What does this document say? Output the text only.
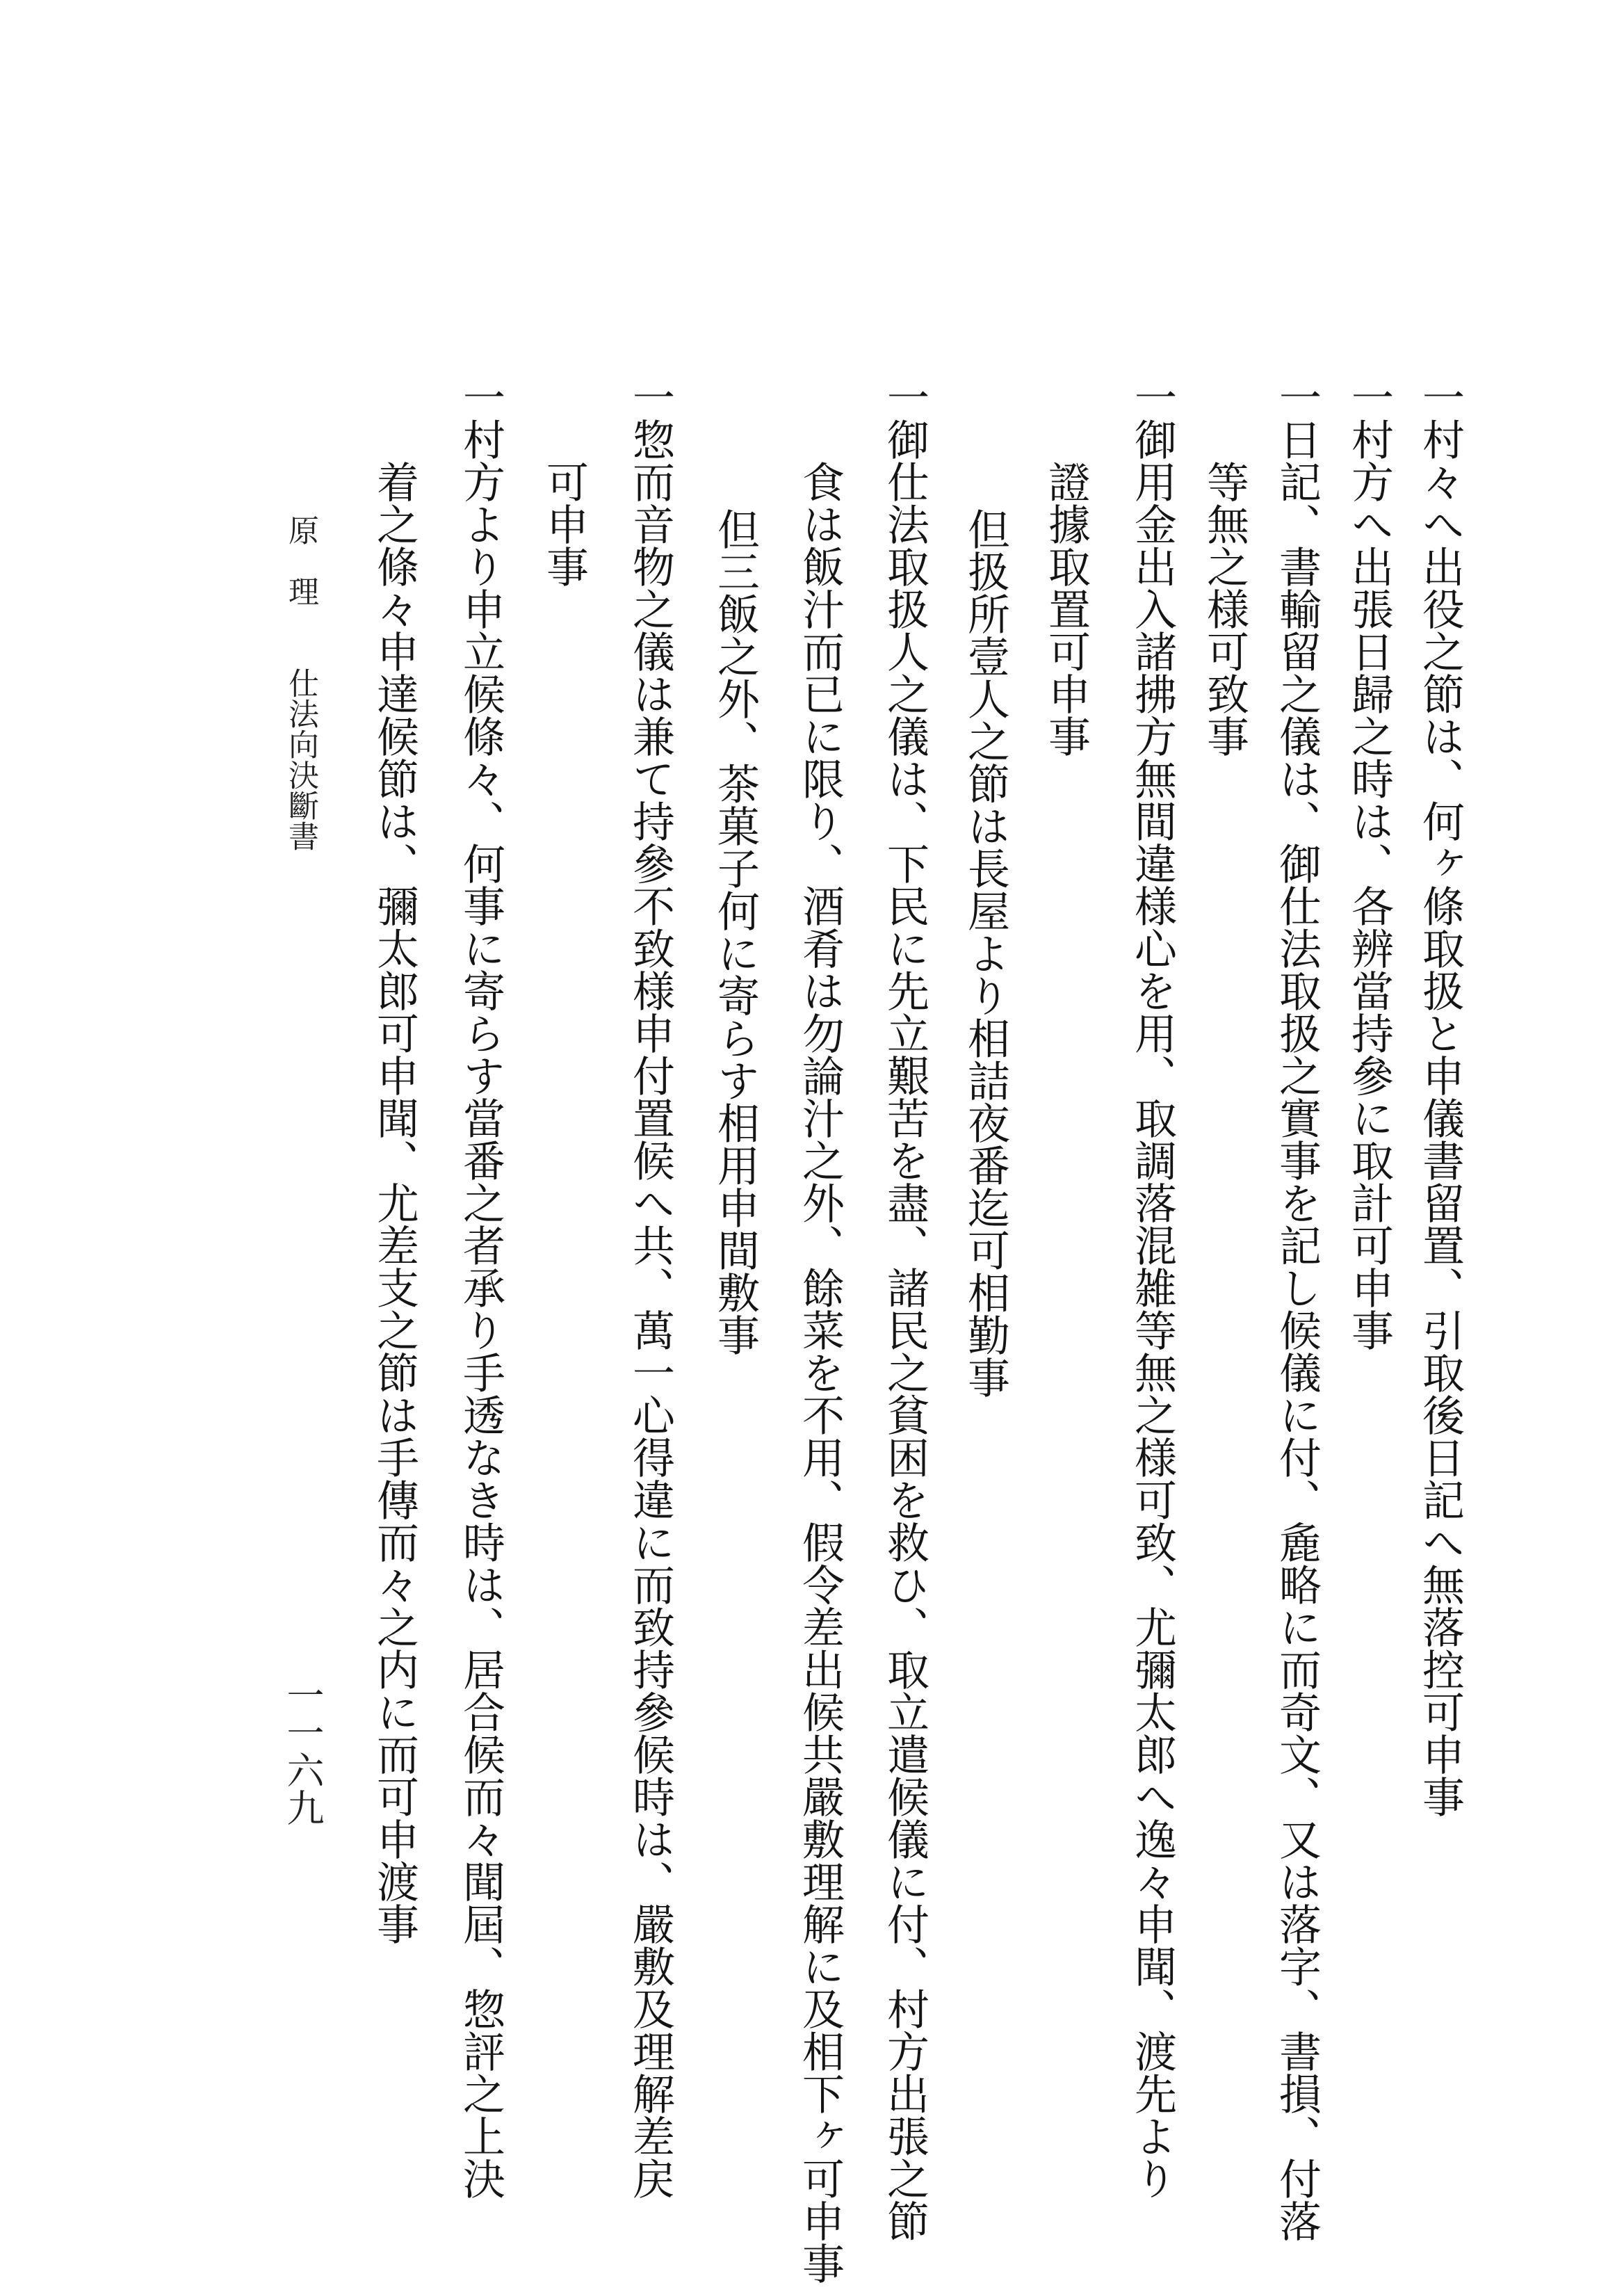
一村々へ出役之節は、何ヶ條取扱と申儀書留置、引取後日記へ無落控可申事
一村方へ出張日歸之時は、各辨當持參に取計可申事
一日記、書輸留之儀は、御仕法取扱之實事を記し候儀に付、麁略に而奇文、又は落字、書損、付落
等無之様可致事
一御用金出入諸拂方無間違様心を用、取調落混雑等無之様可致、尤彌太郎へ逸々申聞、渡先より
證據取置可申事
但扱所壹人之節は長屋より相詰夜番迄可相勤事
一御仕法取扱人之儀は、下民に先立艱苦を盡、諸民之貧困を救ひ、取立遣候儀に付、村方出張之節
食は飯汁而已に限り、酒肴は勿論汁之外、餘菜を不用、假令差出候共嚴敷理解に及相下ヶ可申事
但三飯之外、茶菓子何に寄らす相用申間敷事
一惣而音物之儀は兼て持參不致様申付置候へ共、萬一心得違に而致持參候時は、嚴敷及理解差戻
可申事
一村方より申立候條々、何事に寄らす當番之者承り手透なき時は、居合候而々聞屆、惣評之上決
着之條々申達候節は、彌太郎可申聞、尤差支之節は手傳而々之内に而可申渡事
原　理　　仕法向決斷書
一一六九
